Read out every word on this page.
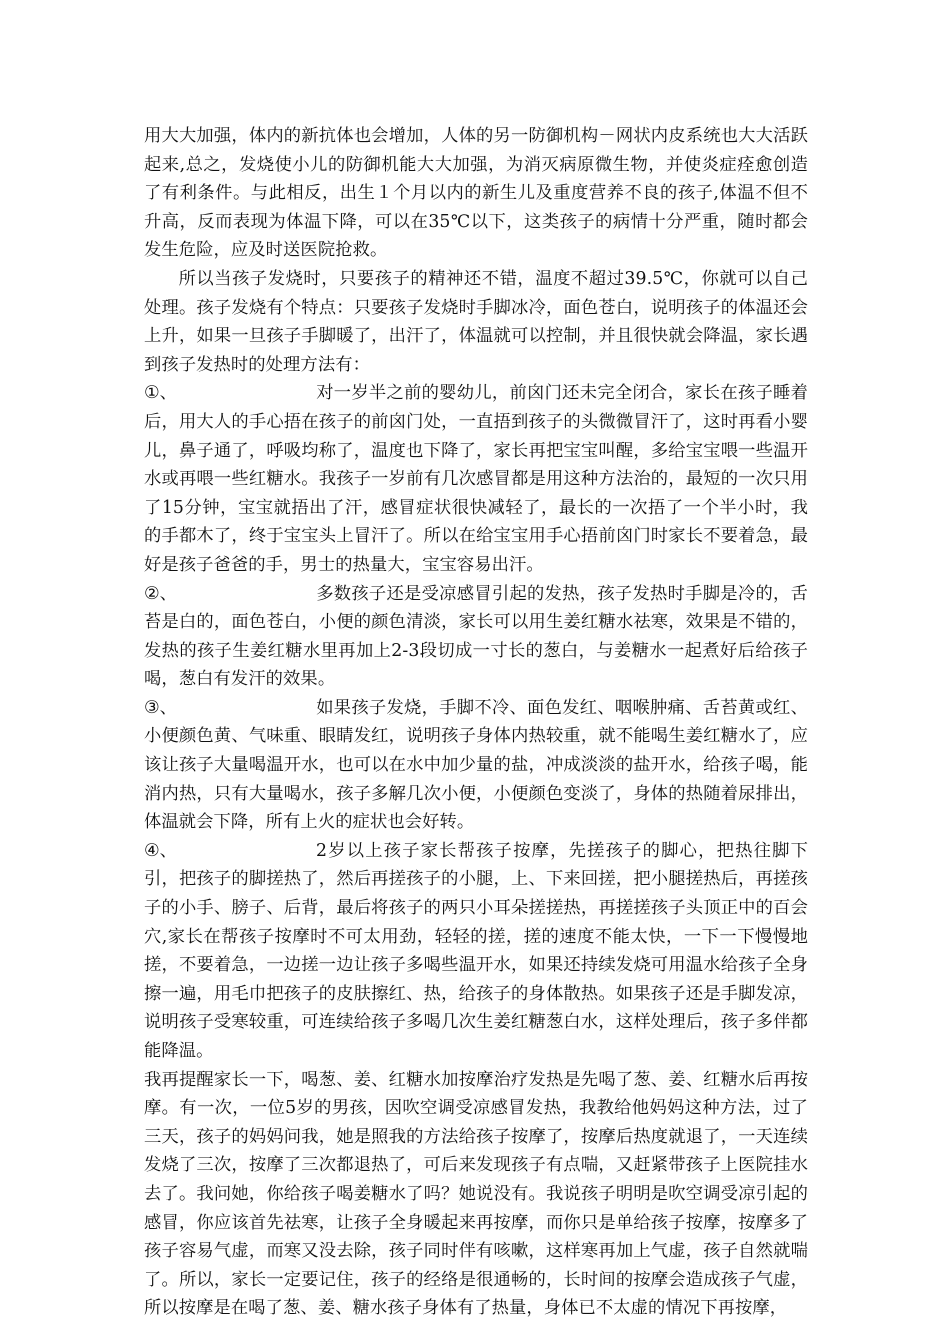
用大大加强，体内的新抗体也会增加，人体的另一防御机构－网状内皮系统也大大活跃起来,总之，发烧使小儿的防御机能大大加强，为消灭病原微生物，并使炎症痊愈创造了有利条件。与此相反，出生１个月以内的新生儿及重度营养不良的孩子,体温不但不升高，反而表现为体温下降，可以在35℃以下，这类孩子的病情十分严重，随时都会发生危险，应及时送医院抢救。

所以当孩子发烧时，只要孩子的精神还不错，温度不超过39.5℃，你就可以自己处理。孩子发烧有个特点：只要孩子发烧时手脚冰冷，面色苍白，说明孩子的体温还会上升，如果一旦孩子手脚暖了，出汗了，体温就可以控制，并且很快就会降温，家长遇到孩子发热时的处理方法有：

①、	对一岁半之前的婴幼儿，前囟门还未完全闭合，家长在孩子睡着后，用大人的手心捂在孩子的前囟门处，一直捂到孩子的头微微冒汗了，这时再看小婴儿，鼻子通了，呼吸均称了，温度也下降了，家长再把宝宝叫醒，多给宝宝喂一些温开水或再喂一些红糖水。我孩子一岁前有几次感冒都是用这种方法治的，最短的一次只用了15分钟，宝宝就捂出了汗，感冒症状很快减轻了，最长的一次捂了一个半小时，我的手都木了，终于宝宝头上冒汗了。所以在给宝宝用手心捂前囟门时家长不要着急，最好是孩子爸爸的手，男士的热量大，宝宝容易出汗。

②、	多数孩子还是受凉感冒引起的发热，孩子发热时手脚是冷的，舌苔是白的，面色苍白，小便的颜色清淡，家长可以用生姜红糖水祛寒，效果是不错的，发热的孩子生姜红糖水里再加上2-3段切成一寸长的葱白，与姜糖水一起煮好后给孩子喝，葱白有发汗的效果。

③、	如果孩子发烧，手脚不冷、面色发红、咽喉肿痛、舌苔黄或红、小便颜色黄、气味重、眼睛发红，说明孩子身体内热较重，就不能喝生姜红糖水了，应该让孩子大量喝温开水，也可以在水中加少量的盐，冲成淡淡的盐开水，给孩子喝，能消内热，只有大量喝水，孩子多解几次小便，小便颜色变淡了，身体的热随着尿排出，体温就会下降，所有上火的症状也会好转。

④、	2岁以上孩子家长帮孩子按摩，先搓孩子的脚心，把热往脚下引，把孩子的脚搓热了，然后再搓孩子的小腿，上、下来回搓，把小腿搓热后，再搓孩子的小手、膀子、后背，最后将孩子的两只小耳朵搓搓热，再搓搓孩子头顶正中的百会穴,家长在帮孩子按摩时不可太用劲，轻轻的搓，搓的速度不能太快，一下一下慢慢地搓，不要着急，一边搓一边让孩子多喝些温开水，如果还持续发烧可用温水给孩子全身擦一遍，用毛巾把孩子的皮肤擦红、热，给孩子的身体散热。如果孩子还是手脚发凉，说明孩子受寒较重，可连续给孩子多喝几次生姜红糖葱白水，这样处理后，孩子多伴都能降温。

我再提醒家长一下，喝葱、姜、红糖水加按摩治疗发热是先喝了葱、姜、红糖水后再按摩。有一次，一位5岁的男孩，因吹空调受凉感冒发热，我教给他妈妈这种方法，过了三天，孩子的妈妈问我，她是照我的方法给孩子按摩了，按摩后热度就退了，一天连续发烧了三次，按摩了三次都退热了，可后来发现孩子有点喘，又赶紧带孩子上医院挂水去了。我问她，你给孩子喝姜糖水了吗？她说没有。我说孩子明明是吹空调受凉引起的感冒，你应该首先祛寒，让孩子全身暖起来再按摩，而你只是单给孩子按摩，按摩多了孩子容易气虚，而寒又没去除，孩子同时伴有咳嗽，这样寒再加上气虚，孩子自然就喘了。所以，家长一定要记住，孩子的经络是很通畅的，长时间的按摩会造成孩子气虚，所以按摩是在喝了葱、姜、糖水孩子身体有了热量，身体已不太虚的情况下再按摩，
